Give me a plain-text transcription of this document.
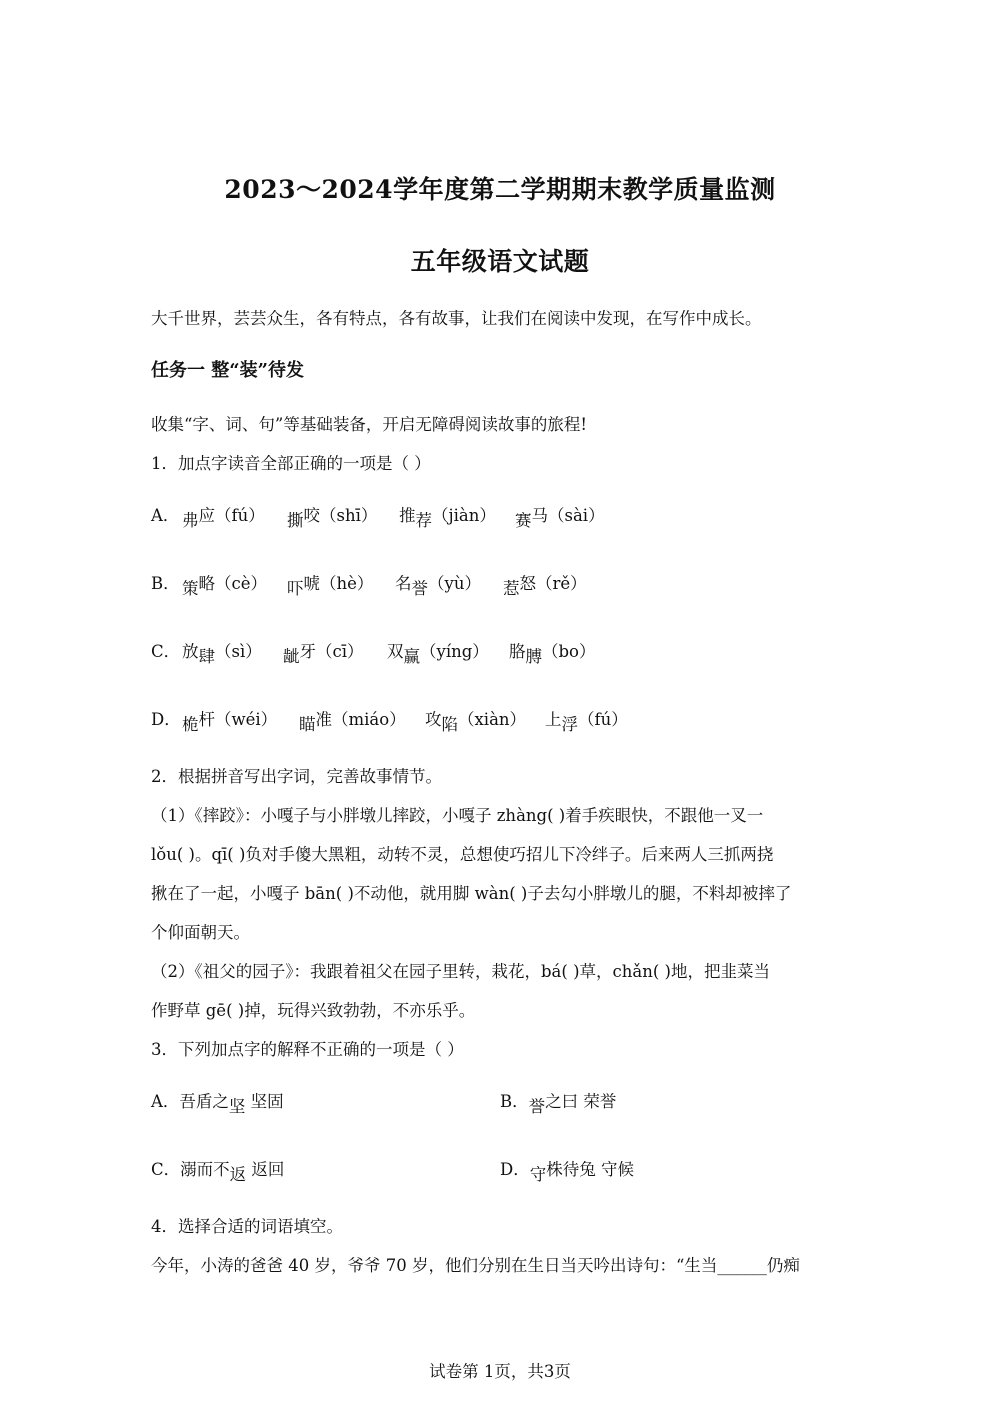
2023～2024学年度第二学期期末教学质量监测
五年级语文试题
大千世界，芸芸众生，各有特点，各有故事，让我们在阅读中发现，在写作中成长。
任务一 整“装”待发
收集“字、词、句”等基础装备，开启无障碍阅读故事的旅程!
1．加点字读音全部正确的一项是（ ）
A． 弗应（fú） 撕咬（shī） 推荐（jiàn） 赛马（sài）
B． 策略（cè） 吓唬（hè） 名誉（yù） 惹怒（rě）
C． 放肆（sì） 龇牙（cī） 双赢（yíng） 胳膊（bo）
D． 桅杆（wéi） 瞄准（miáo） 攻陷（xiàn） 上浮（fú）
2．根据拼音写出字词，完善故事情节。
（1）《摔跤》：小嘎子与小胖墩儿摔跤，小嘎子 zhàng( )着手疾眼快，不跟他一叉一
lǒu( )。qī( )负对手傻大黑粗，动转不灵，总想使巧招儿下冷绊子。后来两人三抓两挠
揪在了一起，小嘎子 bān( )不动他，就用脚 wàn( )子去勾小胖墩儿的腿，不料却被摔了
个仰面朝天。
（2）《祖父的园子》：我跟着祖父在园子里转，栽花，bá( )草，chǎn( )地，把韭菜当
作野草 gē( )掉，玩得兴致勃勃，不亦乐乎。
3．下列加点字的解释不正确的一项是（ ）
A．吾盾之坚 坚固	B．誉之曰 荣誉
C．溺而不返 返回	D．守株待兔 守候
4．选择合适的词语填空。
今年，小涛的爸爸 40 岁，爷爷 70 岁，他们分别在生日当天吟出诗句：“生当______仍痴
试卷第 1页，共3页
